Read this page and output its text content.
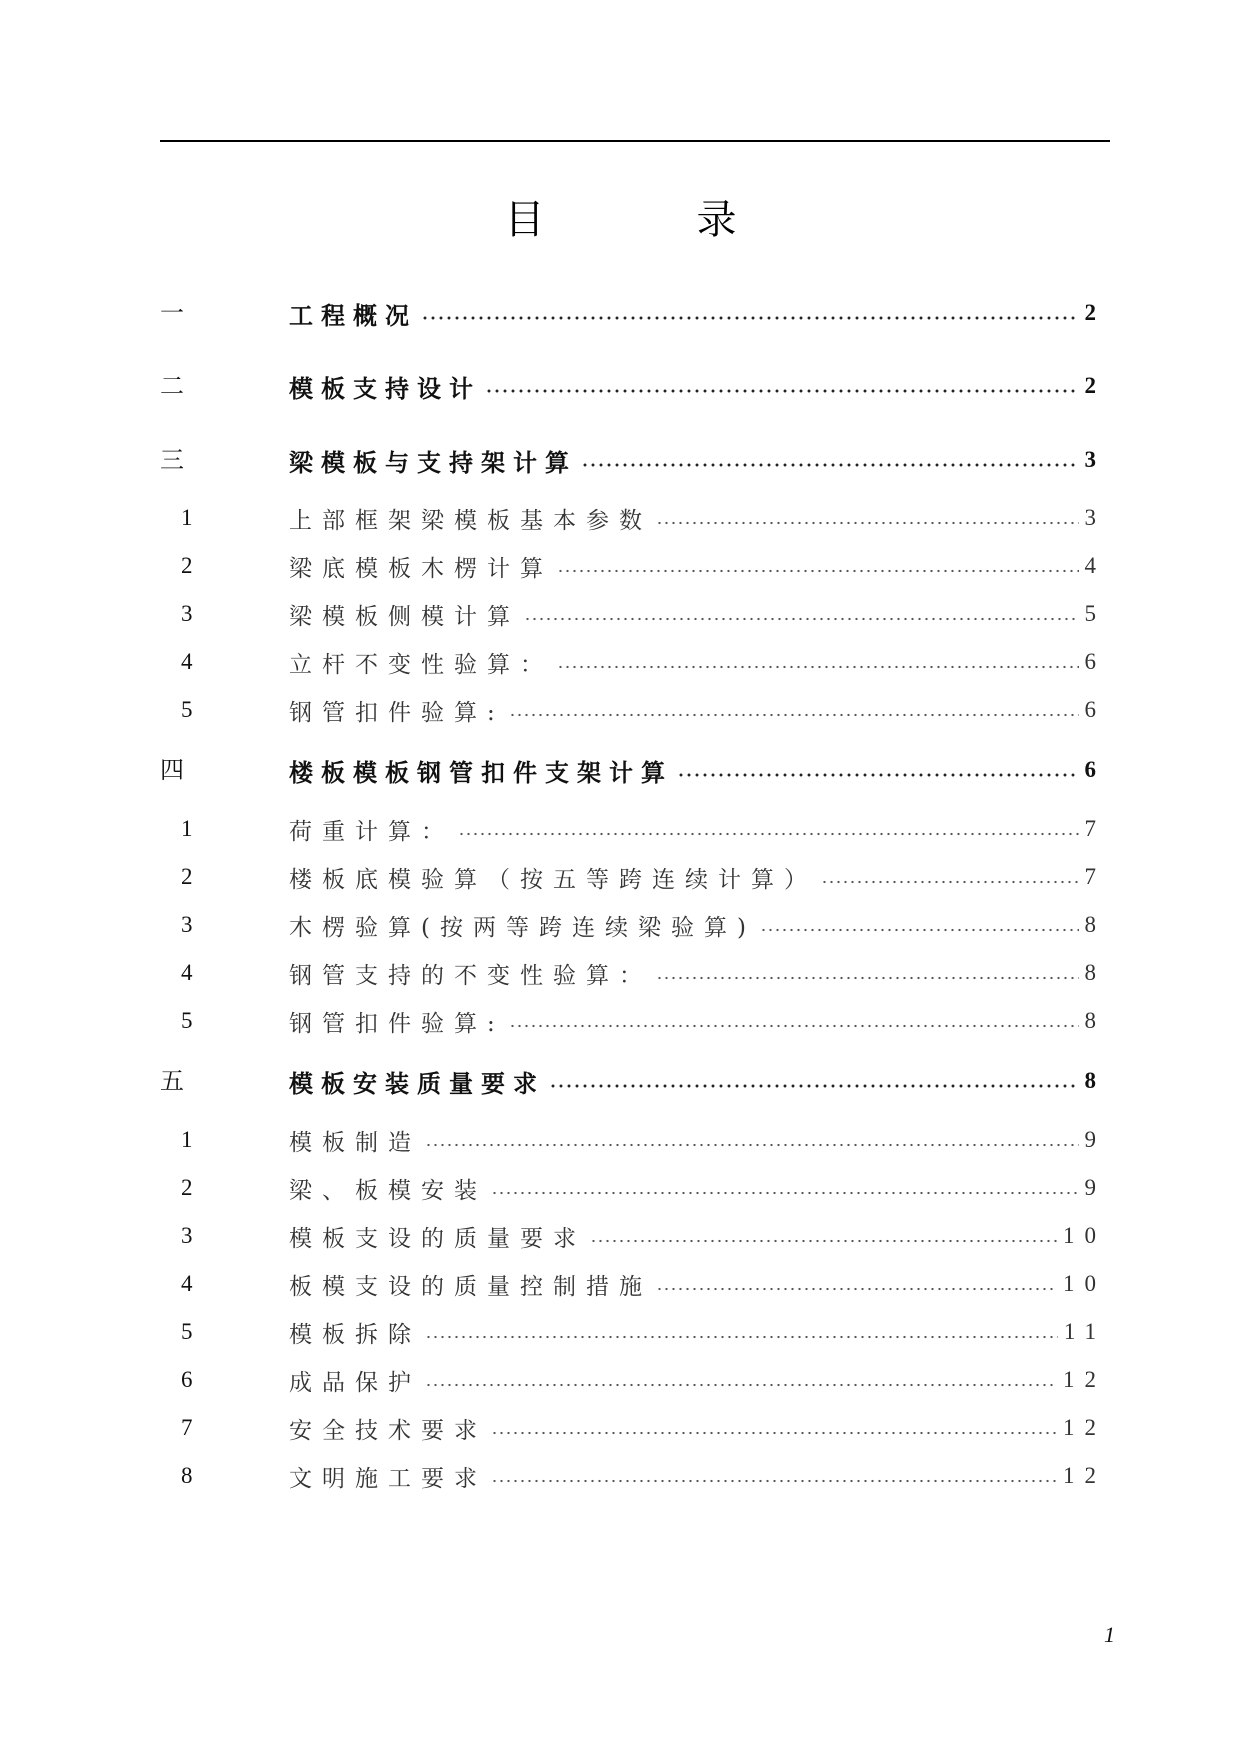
目　录
一	工程概况	2
二	模板支持设计	2
三	梁模板与支持架计算	3
1	上部框架梁模板基本参数	3
2	梁底模板木楞计算	4
3	梁模板侧模计算	5
4	立杆不变性验算：	6
5	钢管扣件验算:	6
四	楼板模板钢管扣件支架计算	6
1	荷重计算：	7
2	楼板底模验算（按五等跨连续计算）	7
3	木楞验算(按两等跨连续梁验算)	8
4	钢管支持的不变性验算：	8
5	钢管扣件验算:	8
五	模板安装质量要求	8
1	模板制造	9
2	梁、板模安装	9
3	模板支设的质量要求	10
4	板模支设的质量控制措施	10
5	模板拆除	11
6	成品保护	12
7	安全技术要求	12
8	文明施工要求	12
1
